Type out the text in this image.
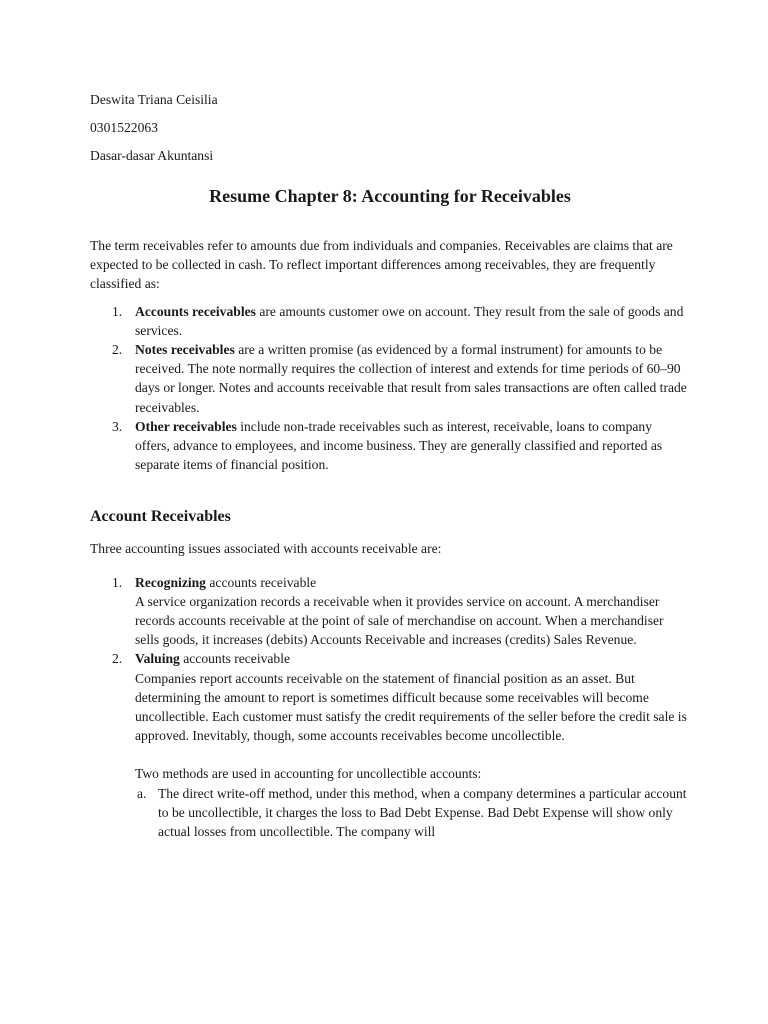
Deswita Triana Ceisilia

0301522063

Dasar-dasar Akuntansi

Resume Chapter 8: Accounting for Receivables

The term receivables refer to amounts due from individuals and companies. Receivables are claims that are expected to be collected in cash. To reflect important differences among receivables, they are frequently classified as:

1. Accounts receivables are amounts customer owe on account. They result from the sale of goods and services.
2. Notes receivables are a written promise (as evidenced by a formal instrument) for amounts to be received. The note normally requires the collection of interest and extends for time periods of 60–90 days or longer. Notes and accounts receivable that result from sales transactions are often called trade receivables.
3. Other receivables include non-trade receivables such as interest, receivable, loans to company offers, advance to employees, and income business. They are generally classified and reported as separate items of financial position.
Account Receivables

Three accounting issues associated with accounts receivable are:

1. Recognizing accounts receivable
A service organization records a receivable when it provides service on account. A merchandiser records accounts receivable at the point of sale of merchandise on account. When a merchandiser sells goods, it increases (debits) Accounts Receivable and increases (credits) Sales Revenue.
2. Valuing accounts receivable
Companies report accounts receivable on the statement of financial position as an asset. But determining the amount to report is sometimes difficult because some receivables will become uncollectible. Each customer must satisfy the credit requirements of the seller before the credit sale is approved. Inevitably, though, some accounts receivables become uncollectible.
Two methods are used in accounting for uncollectible accounts:
a. The direct write-off method, under this method, when a company determines a particular account to be uncollectible, it charges the loss to Bad Debt Expense. Bad Debt Expense will show only actual losses from uncollectible. The company will
